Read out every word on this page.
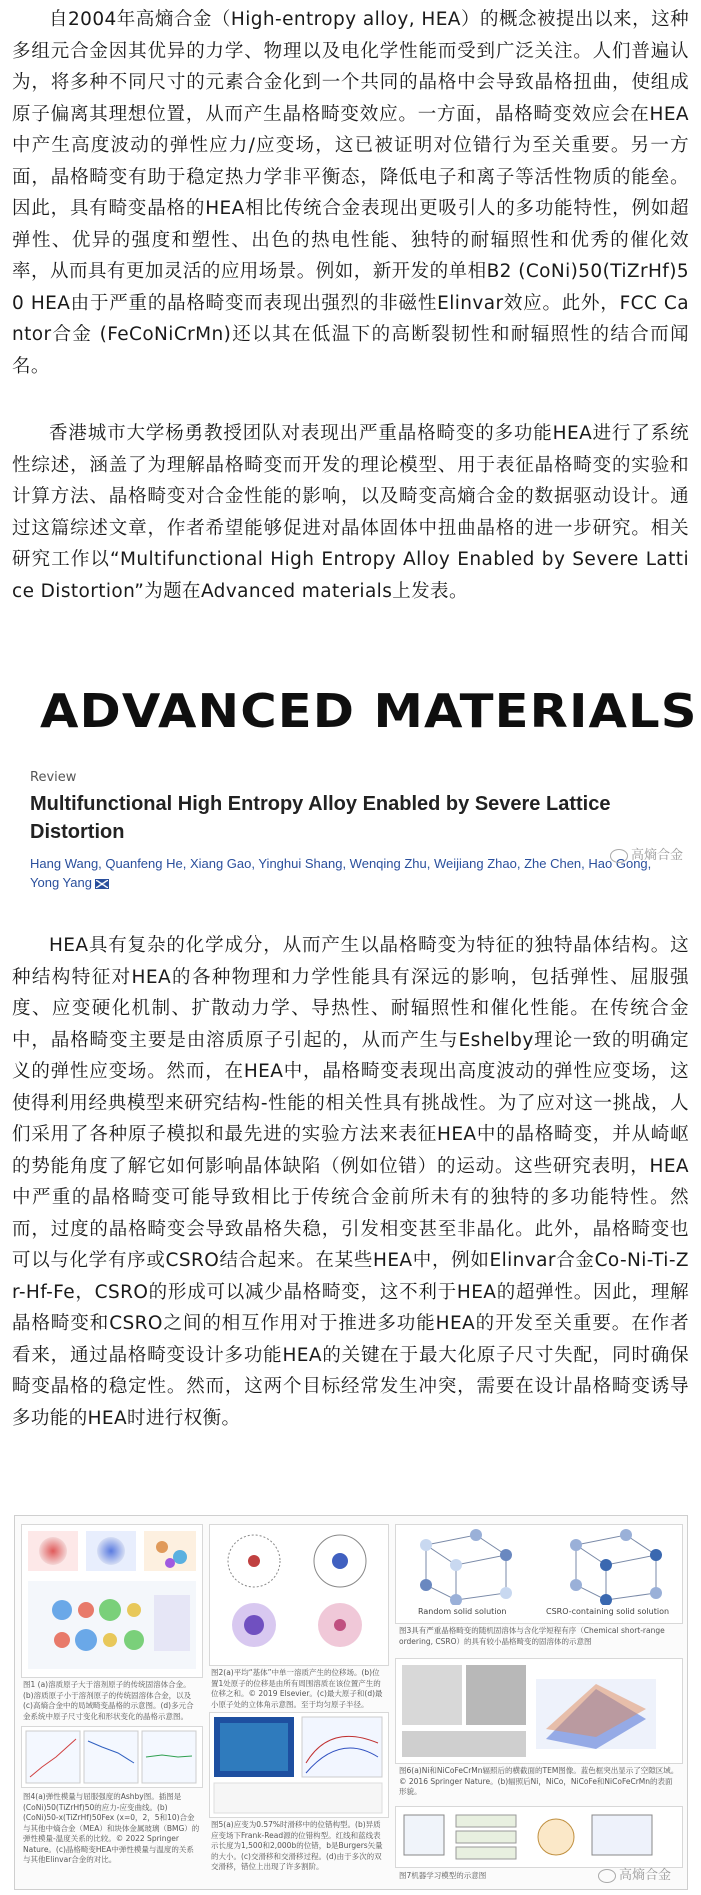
自2004年高熵合金（High-entropy alloy, HEA）的概念被提出以来，这种多组元合金因其优异的力学、物理以及电化学性能而受到广泛关注。人们普遍认为，将多种不同尺寸的元素合金化到一个共同的晶格中会导致晶格扭曲，使组成原子偏离其理想位置，从而产生晶格畸变效应。一方面，晶格畸变效应会在HEA中产生高度波动的弹性应力/应变场，这已被证明对位错行为至关重要。另一方面，晶格畸变有助于稳定热力学非平衡态，降低电子和离子等活性物质的能垒。因此，具有畸变晶格的HEA相比传统合金表现出更吸引人的多功能特性，例如超弹性、优异的强度和塑性、出色的热电性能、独特的耐辐照性和优秀的催化效率，从而具有更加灵活的应用场景。例如，新开发的单相B2 (CoNi)50(TiZrHf)50 HEA由于严重的晶格畸变而表现出强烈的非磁性Elinvar效应。此外，FCC Cantor合金 (FeCoNiCrMn)还以其在低温下的高断裂韧性和耐辐照性的结合而闻名。

香港城市大学杨勇教授团队对表现出严重晶格畸变的多功能HEA进行了系统性综述，涵盖了为理解晶格畸变而开发的理论模型、用于表征晶格畸变的实验和计算方法、晶格畸变对合金性能的影响，以及畸变高熵合金的数据驱动设计。通过这篇综述文章，作者希望能够促进对晶体固体中扭曲晶格的进一步研究。相关研究工作以“Multifunctional High Entropy Alloy Enabled by Severe Lattice Distortion”为题在Advanced materials上发表。

ADVANCED MATERIALS
Review
Multifunctional High Entropy Alloy Enabled by Severe Lattice Distortion
Hang Wang, Quanfeng He, Xiang Gao, Yinghui Shang, Wenqing Zhu, Weijiang Zhao, Zhe Chen, Hao Gong, Yong Yang
高熵合金

HEA具有复杂的化学成分，从而产生以晶格畸变为特征的独特晶体结构。这种结构特征对HEA的各种物理和力学性能具有深远的影响，包括弹性、屈服强度、应变硬化机制、扩散动力学、导热性、耐辐照性和催化性能。在传统合金中，晶格畸变主要是由溶质原子引起的，从而产生与Eshelby理论一致的明确定义的弹性应变场。然而，在HEA中，晶格畸变表现出高度波动的弹性应变场，这使得利用经典模型来研究结构-性能的相关性具有挑战性。为了应对这一挑战，人们采用了各种原子模拟和最先进的实验方法来表征HEA中的晶格畸变，并从崎岖的势能角度了解它如何影响晶体缺陷（例如位错）的运动。这些研究表明，HEA中严重的晶格畸变可能导致相比于传统合金前所未有的独特的多功能特性。然而，过度的晶格畸变会导致晶格失稳，引发相变甚至非晶化。此外，晶格畸变也可以与化学有序或CSRO结合起来。在某些HEA中，例如Elinvar合金Co-Ni-Ti-Zr-Hf-Fe，CSRO的形成可以减少晶格畸变，这不利于HEA的超弹性。因此，理解晶格畸变和CSRO之间的相互作用对于推进多功能HEA的开发至关重要。在作者看来，通过晶格畸变设计多功能HEA的关键在于最大化原子尺寸失配，同时确保畸变晶格的稳定性。然而，这两个目标经常发生冲突，需要在设计晶格畸变诱导多功能的HEA时进行权衡。

图1 (a)溶质原子大于溶剂原子的传统固溶体合金。(b)溶质原子小于溶剂原子的传统固溶体合金，以及(c)高熵合金中的局域畸变晶格的示意图。(d)多元合金系统中原子尺寸变化和形状变化的晶格示意图。

图2(a)平均“基体”中单一溶质产生的位移场。(b)位置1处原子的位移是由所有周围溶质在该位置产生的位移之和。© 2019 Elsevier。(c)最大原子和(d)最小原子处的立体角示意图。至于均匀原子半径。

Random solid solution	CSRO-containing solid solution

图3具有严重晶格畸变的随机固溶体与含化学短程有序（Chemical short-range ordering, CSRO）的具有较小晶格畸变的固溶体的示意图

图6(a)Ni和NiCoFeCrMn辐照后的横截面的TEM图像。蓝色框突出显示了空隙区域。© 2016 Springer Nature。(b)辐照后Ni，NiCo，NiCoFe和NiCoFeCrMn的表面形貌。

图4(a)弹性模量与屈服强度的Ashby图。插图是(CoNi)50(TiZrHf)50的应力-应变曲线。(b)(CoNi)50-x(TiZrHf)50Fex (x=0，2，5和10)合金与其他中熵合金（MEA）和块体金属玻璃（BMG）的弹性模量-温度关系的比较。© 2022 Springer Nature。(c)晶格畸变HEA中弹性模量与温度的关系与其他Elinvar合金的对比。

图5(a)应变为0.57%时滑移中的位错构型。(b)异质应变场下Frank-Read源的位错构型。红线和蓝线表示长度为1,500和2,000b的位错，b是Burgers矢量的大小。(c)交滑移和交滑移过程。(d)由于多次的双交滑移，错位上出现了许多割阶。

图7机器学习模型的示意图	高熵合金
